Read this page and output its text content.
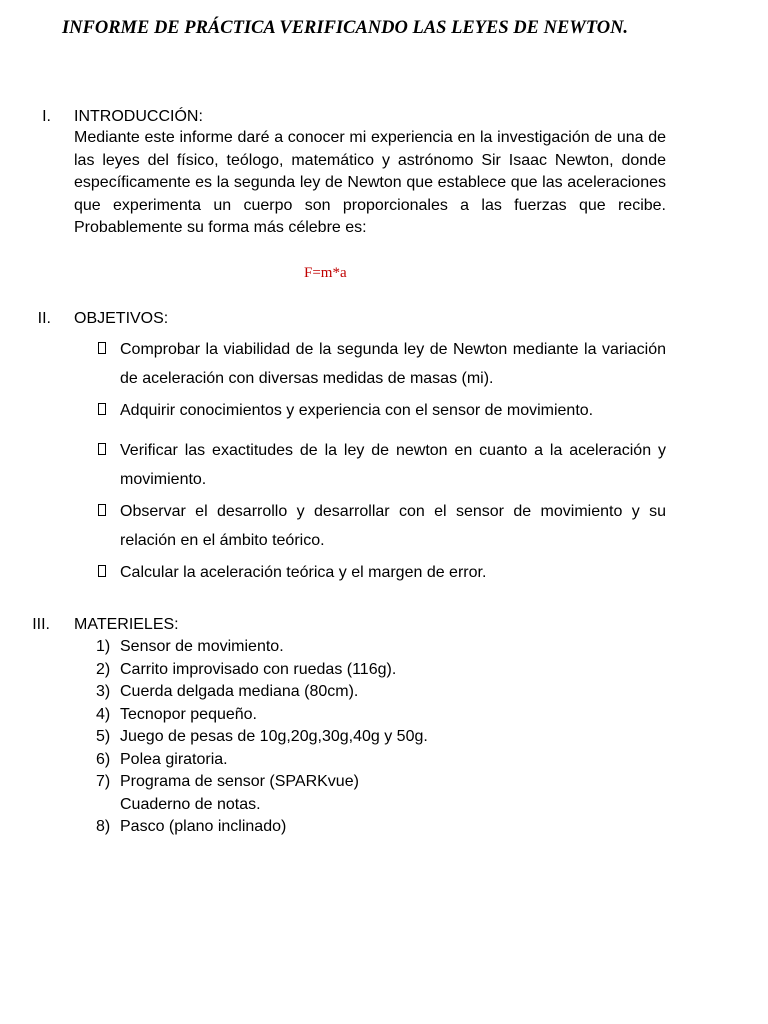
INFORME DE PRÁCTICA VERIFICANDO LAS LEYES DE NEWTON.
I. INTRODUCCIÓN:

Mediante este informe daré a conocer mi experiencia en la investigación de una de las leyes del físico, teólogo, matemático y astrónomo Sir Isaac Newton, donde específicamente es la segunda ley de Newton que establece que las aceleraciones que experimenta un cuerpo son proporcionales a las fuerzas que recibe. Probablemente su forma más célebre es:

F=m*a
II. OBJETIVOS:
Comprobar la viabilidad de la segunda ley de Newton mediante la variación de aceleración con diversas medidas de masas (mi).
Adquirir conocimientos y experiencia con el sensor de movimiento.
Verificar las exactitudes de la ley de newton en cuanto a la aceleración y movimiento.
Observar el desarrollo y desarrollar con el sensor de movimiento y su relación en el ámbito teórico.
Calcular la aceleración teórica y el margen de error.
III. MATERIELES:
1) Sensor de movimiento.
2) Carrito improvisado con ruedas (116g).
3) Cuerda delgada mediana (80cm).
4) Tecnopor pequeño.
5) Juego de pesas de 10g,20g,30g,40g y 50g.
6) Polea giratoria.
7) Programa de sensor (SPARKvue)
Cuaderno de notas.
8) Pasco (plano inclinado)
